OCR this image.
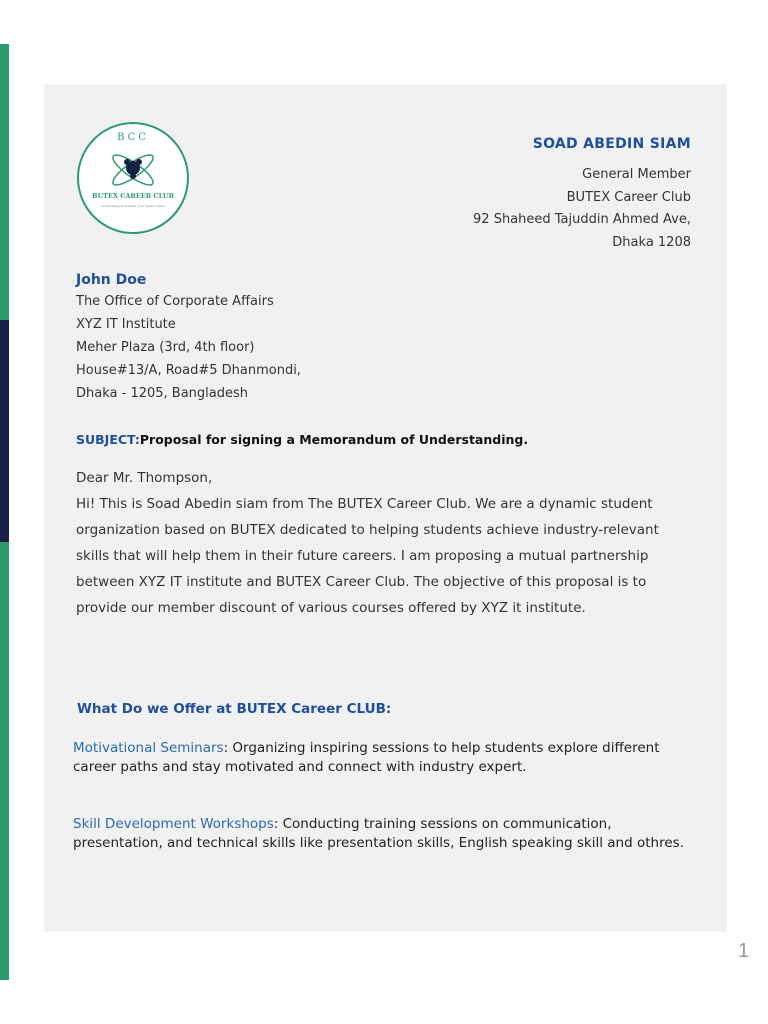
BCC
BUTEX CAREER CLUB
accelerating to achieve your dream career
SOAD ABEDIN SIAM
General Member
BUTEX Career Club
92 Shaheed Tajuddin Ahmed Ave,
Dhaka 1208
John Doe
The Office of Corporate Affairs
XYZ IT Institute
Meher Plaza (3rd, 4th floor)
House#13/A, Road#5 Dhanmondi,
Dhaka - 1205, Bangladesh
SUBJECT:Proposal for signing a Memorandum of Understanding.
Dear Mr. Thompson,
Hi! This is Soad Abedin siam from The BUTEX Career Club. We are a dynamic student organization based on BUTEX dedicated to helping students achieve industry-relevant skills that will help them in their future careers. I am proposing a mutual partnership between XYZ IT institute and BUTEX Career Club. The objective of this proposal is to provide our member discount of various courses offered by XYZ it institute.
What Do we Offer at BUTEX Career CLUB:
Motivational Seminars: Organizing inspiring sessions to help students explore different career paths and stay motivated and connect with industry expert.
Skill Development Workshops: Conducting training sessions on communication, presentation, and technical skills like presentation skills, English speaking skill and othres.
1
